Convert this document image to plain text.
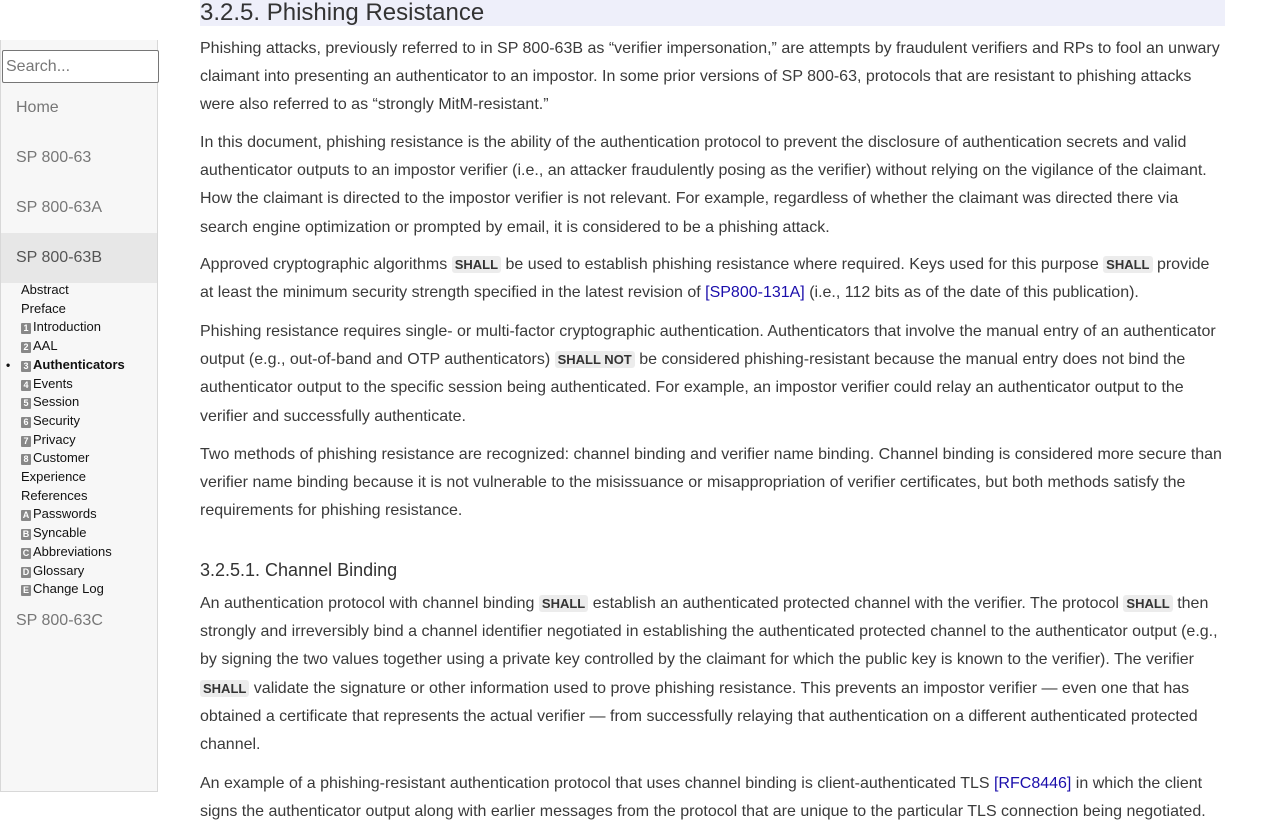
Search...
Home
SP 800-63
SP 800-63A
SP 800-63B
Abstract
Preface
1 Introduction
2 AAL
• 3 Authenticators
4 Events
5 Session
6 Security
7 Privacy
8 Customer Experience
References
A Passwords
B Syncable
C Abbreviations
D Glossary
E Change Log
SP 800-63C
3.2.5. Phishing Resistance

Phishing attacks, previously referred to in SP 800-63B as “verifier impersonation,” are attempts by fraudulent verifiers and RPs to fool an unwary claimant into presenting an authenticator to an impostor. In some prior versions of SP 800-63, protocols that are resistant to phishing attacks were also referred to as “strongly MitM-resistant.”

In this document, phishing resistance is the ability of the authentication protocol to prevent the disclosure of authentication secrets and valid authenticator outputs to an impostor verifier (i.e., an attacker fraudulently posing as the verifier) without relying on the vigilance of the claimant. How the claimant is directed to the impostor verifier is not relevant. For example, regardless of whether the claimant was directed there via search engine optimization or prompted by email, it is considered to be a phishing attack.

Approved cryptographic algorithms SHALL be used to establish phishing resistance where required. Keys used for this purpose SHALL provide at least the minimum security strength specified in the latest revision of [SP800-131A] (i.e., 112 bits as of the date of this publication).

Phishing resistance requires single- or multi-factor cryptographic authentication. Authenticators that involve the manual entry of an authenticator output (e.g., out-of-band and OTP authenticators) SHALL NOT be considered phishing-resistant because the manual entry does not bind the authenticator output to the specific session being authenticated. For example, an impostor verifier could relay an authenticator output to the verifier and successfully authenticate.

Two methods of phishing resistance are recognized: channel binding and verifier name binding. Channel binding is considered more secure than verifier name binding because it is not vulnerable to the misissuance or misappropriation of verifier certificates, but both methods satisfy the requirements for phishing resistance.

3.2.5.1. Channel Binding

An authentication protocol with channel binding SHALL establish an authenticated protected channel with the verifier. The protocol SHALL then strongly and irreversibly bind a channel identifier negotiated in establishing the authenticated protected channel to the authenticator output (e.g., by signing the two values together using a private key controlled by the claimant for which the public key is known to the verifier). The verifier SHALL validate the signature or other information used to prove phishing resistance. This prevents an impostor verifier — even one that has obtained a certificate that represents the actual verifier — from successfully relaying that authentication on a different authenticated protected channel.

An example of a phishing-resistant authentication protocol that uses channel binding is client-authenticated TLS [RFC8446] in which the client signs the authenticator output along with earlier messages from the protocol that are unique to the particular TLS connection being negotiated.
